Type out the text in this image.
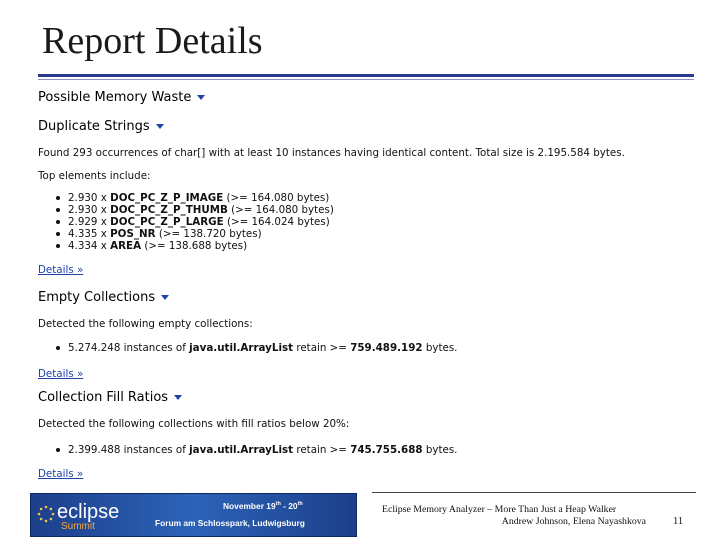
Report Details
Possible Memory Waste
Duplicate Strings
Found 293 occurrences of char[] with at least 10 instances having identical content. Total size is 2.195.584 bytes.
Top elements include:
2.930 x DOC_PC_Z_P_IMAGE (>= 164.080 bytes)
2.930 x DOC_PC_Z_P_THUMB (>= 164.080 bytes)
2.929 x DOC_PC_Z_P_LARGE (>= 164.024 bytes)
4.335 x POS_NR (>= 138.720 bytes)
4.334 x AREA (>= 138.688 bytes)
Details »
Empty Collections
Detected the following empty collections:
5.274.248 instances of java.util.ArrayList retain >= 759.489.192 bytes.
Details »
Collection Fill Ratios
Detected the following collections with fill ratios below 20%:
2.399.488 instances of java.util.ArrayList retain >= 745.755.688 bytes.
Details »
eclipse
Summit
November 19th - 20th
Forum am Schlosspark, Ludwigsburg
Eclipse Memory Analyzer – More Than Just a Heap Walker
Andrew Johnson, Elena Nayashkova	11
